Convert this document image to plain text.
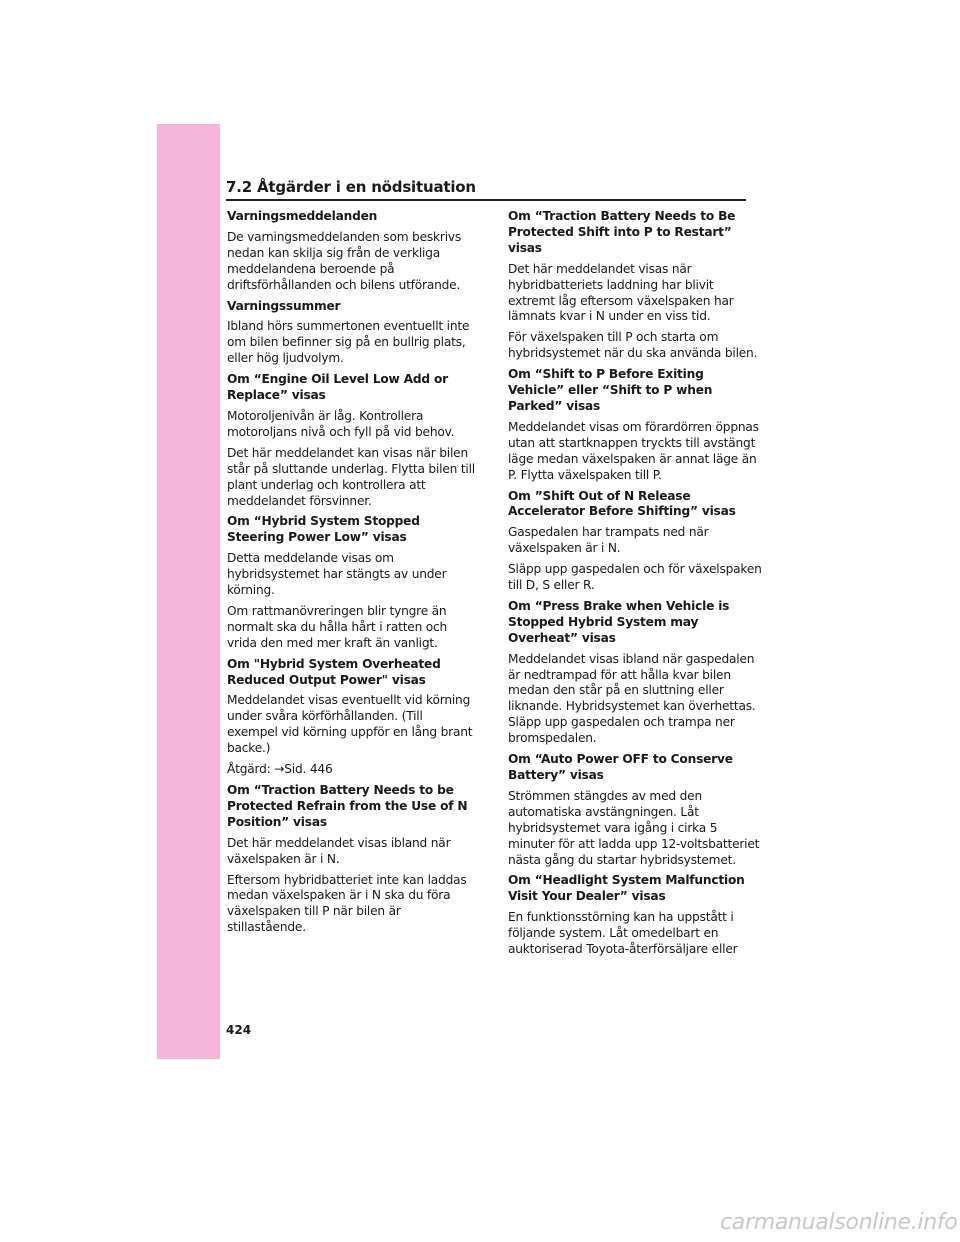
7.2 Åtgärder i en nödsituation
Varningsmeddelanden
De varningsmeddelanden som beskrivs nedan kan skilja sig från de verkliga meddelandena beroende på driftsförhållanden och bilens utförande.
Varningssummer
Ibland hörs summertonen eventuellt inte om bilen befinner sig på en bullrig plats, eller hög ljudvolym.
Om “Engine Oil Level Low Add or Replace” visas
Motoroljenivån är låg. Kontrollera motoroljans nivå och fyll på vid behov.
Det här meddelandet kan visas när bilen står på sluttande underlag. Flytta bilen till plant underlag och kontrollera att meddelandet försvinner.
Om “Hybrid System Stopped Steering Power Low” visas
Detta meddelande visas om hybridsystemet har stängts av under körning.
Om rattmanövreringen blir tyngre än normalt ska du hålla hårt i ratten och vrida den med mer kraft än vanligt.
Om "Hybrid System Overheated Reduced Output Power" visas
Meddelandet visas eventuellt vid körning under svåra körförhållanden. (Till exempel vid körning uppför en lång brant backe.)
Åtgärd: →Sid. 446
Om “Traction Battery Needs to be Protected Refrain from the Use of N Position” visas
Det här meddelandet visas ibland när växelspaken är i N.
Eftersom hybridbatteriet inte kan laddas medan växelspaken är i N ska du föra växelspaken till P när bilen är stillastående.
Om “Traction Battery Needs to Be Protected Shift into P to Restart” visas
Det här meddelandet visas när hybridbatteriets laddning har blivit extremt låg eftersom växelspaken har lämnats kvar i N under en viss tid.
För växelspaken till P och starta om hybridsystemet när du ska använda bilen.
Om “Shift to P Before Exiting Vehicle” eller “Shift to P when Parked” visas
Meddelandet visas om förardörren öppnas utan att startknappen tryckts till avstängt läge medan växelspaken är annat läge än P. Flytta växelspaken till P.
Om ”Shift Out of N Release Accelerator Before Shifting” visas
Gaspedalen har trampats ned när växelspaken är i N.
Släpp upp gaspedalen och för växelspaken till D, S eller R.
Om “Press Brake when Vehicle is Stopped Hybrid System may Overheat” visas
Meddelandet visas ibland när gaspedalen är nedtrampad för att hålla kvar bilen medan den står på en sluttning eller liknande. Hybridsystemet kan överhettas. Släpp upp gaspedalen och trampa ner bromspedalen.
Om “Auto Power OFF to Conserve Battery” visas
Strömmen stängdes av med den automatiska avstängningen. Låt hybridsystemet vara igång i cirka 5 minuter för att ladda upp 12-voltsbatteriet nästa gång du startar hybridsystemet.
Om “Headlight System Malfunction Visit Your Dealer” visas
En funktionsstörning kan ha uppstått i följande system. Låt omedelbart en auktoriserad Toyota-återförsäljare eller
424
carmanualsonline.info
